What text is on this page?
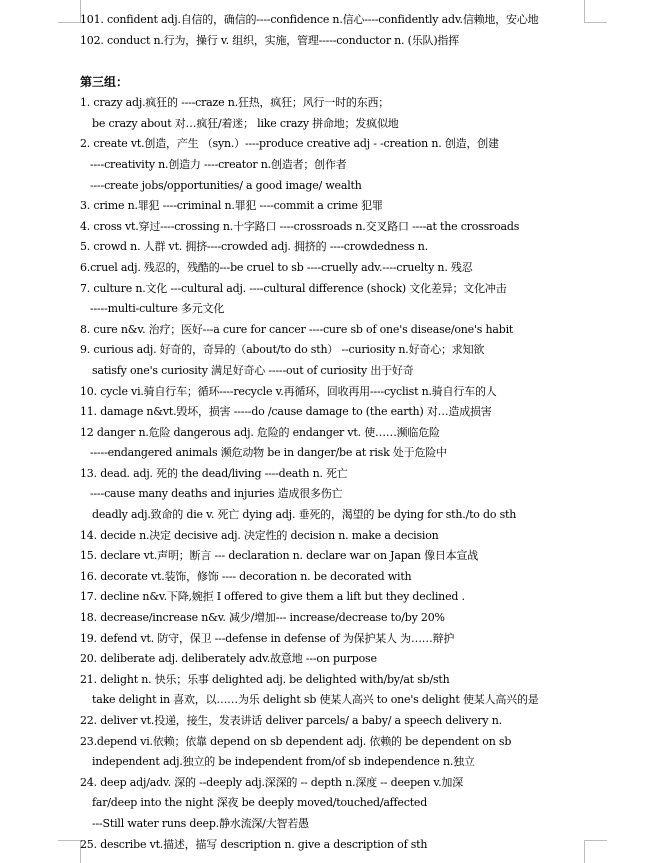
101. confident adj.自信的，确信的----confidence n.信心----confidently adv.信赖地，安心地
102. conduct n.行为，操行 v. 组织，实施，管理-----conductor n. (乐队)指挥
第三组：
1. crazy adj.疯狂的 ----craze n.狂热，疯狂；风行一时的东西；
be crazy about 对…疯狂/着迷； like crazy 拼命地；发疯似地
2. create vt.创造，产生 （syn.）----produce creative adj - -creation n. 创造，创建
----creativity n.创造力 ----creator n.创造者；创作者
----create jobs/opportunities/ a good image/ wealth
3. crime n.罪犯 ----criminal n.罪犯 ----commit a crime 犯罪
4. cross vt.穿过----crossing n.十字路口 ----crossroads n.交叉路口 ----at the crossroads
5. crowd n. 人群 vt. 拥挤----crowded adj. 拥挤的 ----crowdedness n.
6.cruel adj. 残忍的，残酷的---be cruel to sb ----cruelly adv.----cruelty n. 残忍
7. culture n.文化 ---cultural adj. ----cultural difference (shock) 文化差异；文化冲击
-----multi-culture 多元文化
8. cure n&v. 治疗；医好---a cure for cancer ----cure sb of one's disease/one's habit
9. curious adj. 好奇的，奇异的（about/to do sth） --curiosity n.好奇心；求知欲
satisfy one's curiosity 满足好奇心 -----out of curiosity 出于好奇
10. cycle vi.骑自行车；循环----recycle v.再循环，回收再用----cyclist n.骑自行车的人
11. damage n&vt.毁坏，损害 -----do /cause damage to (the earth) 对…造成损害
12 danger n.危险 dangerous adj. 危险的 endanger vt. 使……濒临危险
-----endangered animals 濒危动物 be in danger/be at risk 处于危险中
13. dead. adj. 死的 the dead/living ----death n. 死亡
----cause many deaths and injuries 造成很多伤亡
deadly adj.致命的 die v. 死亡 dying adj. 垂死的，渴望的 be dying for sth./to do sth
14. decide n.决定 decisive adj. 决定性的 decision n. make a decision
15. declare vt.声明；断言 --- declaration n. declare war on Japan 像日本宣战
16. decorate vt.装饰，修饰 ---- decoration n. be decorated with
17. decline n&v.下降,婉拒 I offered to give them a lift but they declined .
18. decrease/increase n&v. 减少/增加--- increase/decrease to/by 20%
19. defend vt. 防守，保卫 ---defense in defense of 为保护某人 为……辩护
20. deliberate adj. deliberately adv.故意地 ---on purpose
21. delight n. 快乐；乐事 delighted adj. be delighted with/by/at sb/sth
take delight in 喜欢，以……为乐 delight sb 使某人高兴 to one's delight 使某人高兴的是
22. deliver vt.投递，接生，发表讲话 deliver parcels/ a baby/ a speech delivery n.
23.depend vi.依赖；依靠 depend on sb dependent adj. 依赖的 be dependent on sb
independent adj.独立的 be independent from/of sb independence n.独立
24. deep adj/adv. 深的 --deeply adj.深深的 -- depth n.深度 -- deepen v.加深
far/deep into the night 深夜 be deeply moved/touched/affected
---Still water runs deep.静水流深/大智若愚
25. describe vt.描述，描写 description n. give a description of sth
